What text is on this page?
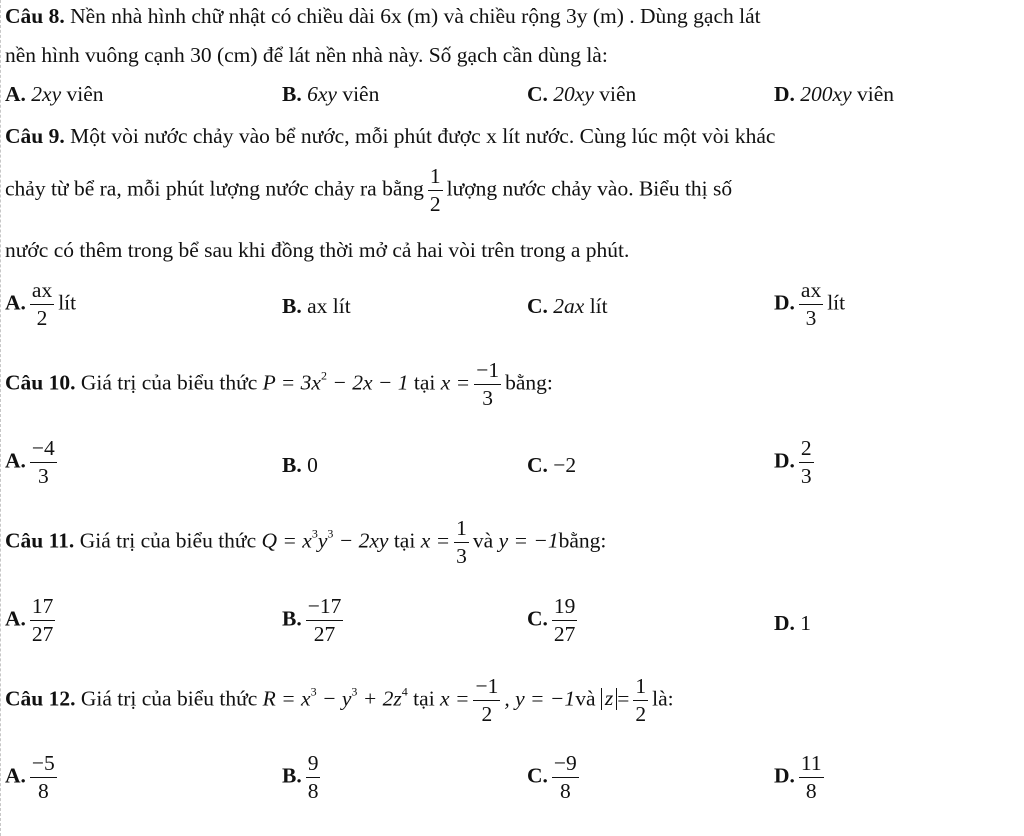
Câu 8. Nền nhà hình chữ nhật có chiều dài 6x (m) và chiều rộng 3y (m) . Dùng gạch lát
nền hình vuông cạnh 30 (cm) để lát nền nhà này. Số gạch cần dùng là:
A. 2xy viên	B. 6xy viên	C. 20xy viên	D. 200xy viên
Câu 9. Một vòi nước chảy vào bể nước, mỗi phút được x lít nước. Cùng lúc một vòi khác
chảy từ bể ra, mỗi phút lượng nước chảy ra bằng $\frac{1}{2}$ lượng nước chảy vào. Biểu thị số
nước có thêm trong bể sau khi đồng thời mở cả hai vòi trên trong a phút.
A. $\frac{ax}{2}$ lít	B. ax lít	C. 2ax lít	D. $\frac{ax}{3}$ lít
Câu 10. Giá trị của biểu thức $P = 3x^2 - 2x - 1$ tại $x = \frac{-1}{3}$ bằng:
A. $\frac{-4}{3}$	B. 0	C. −2	D. $\frac{2}{3}$
Câu 11. Giá trị của biểu thức $Q = x^3y^3 - 2xy$ tại $x = \frac{1}{3}$ và y = −1bằng:
A. $\frac{17}{27}$	B. $\frac{-17}{27}$	C. $\frac{19}{27}$	D. 1
Câu 12. Giá trị của biểu thức $R = x^3 - y^3 + 2z^4$ tại $x = \frac{-1}{2}$ , y = −1và $z = \frac{1}{2}$ là:
A. $\frac{-5}{8}$	B. $\frac{9}{8}$	C. $\frac{-9}{8}$	D. $\frac{11}{8}$
